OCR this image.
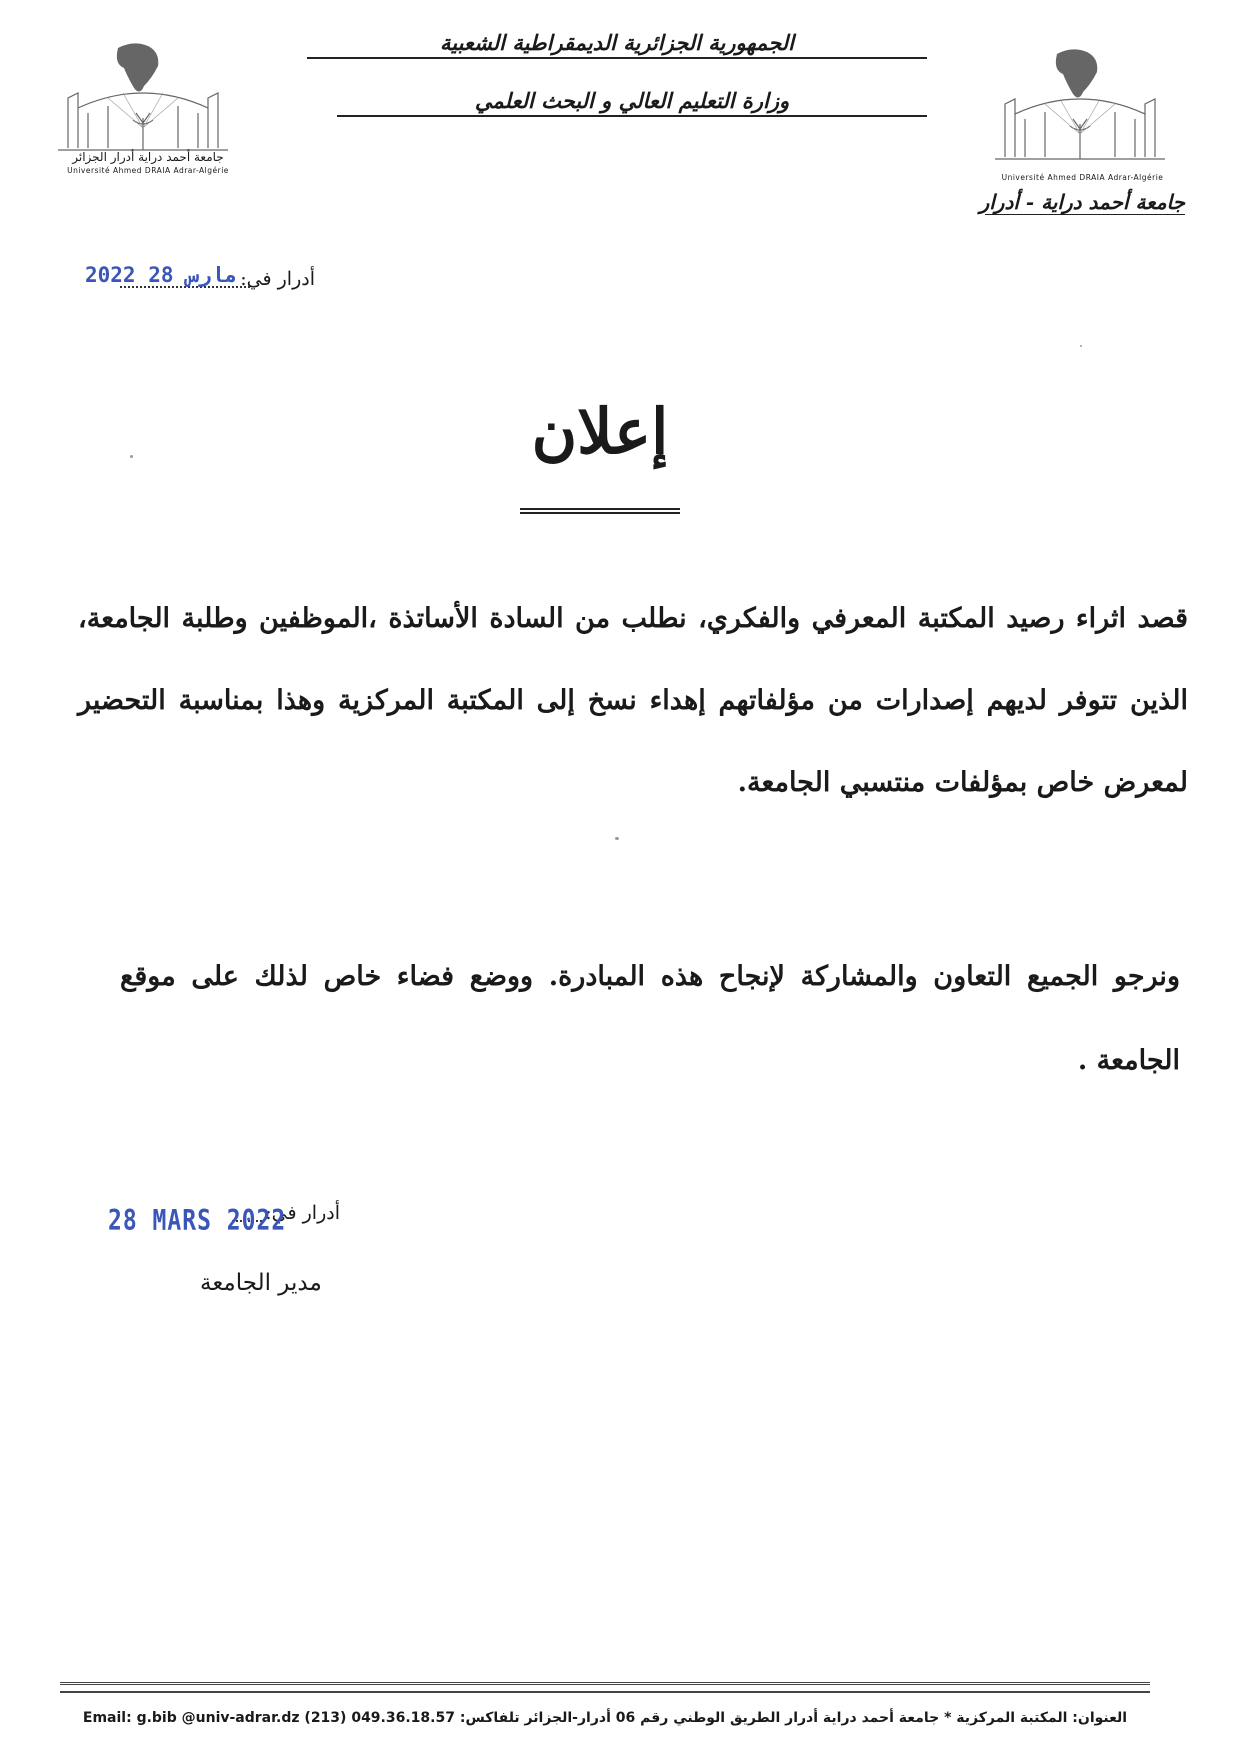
الجمهورية الجزائرية الديمقراطية الشعبية
وزارة التعليم العالي و البحث العلمي
جامعة أحمد دراية أدرار الجزائر
Université Ahmed DRAIA Adrar-Algérie
Université Ahmed DRAIA Adrar-Algérie
جامعة أحمد دراية - أدرار
أدرار في:
2022 مارس 28
إعلان
قصد اثراء رصيد المكتبة المعرفي والفكري، نطلب من السادة الأساتذة ،الموظفين وطلبة الجامعة، الذين تتوفر لديهم إصدارات من مؤلفاتهم إهداء نسخ إلى المكتبة المركزية وهذا بمناسبة التحضير لمعرض خاص بمؤلفات منتسبي الجامعة.
ونرجو الجميع التعاون والمشاركة لإنجاح هذه المبادرة. ووضع فضاء خاص لذلك على موقع الجامعة .
أدرار في:
28 MARS 2022
مدير الجامعة
العنوان: المكتبة المركزية * جامعة أحمد دراية أدرار الطريق الوطني رقم 06 أدرار-الجزائر تلفاكس: 049.36.18.57 (213) Email: g.bib @univ-adrar.dz
